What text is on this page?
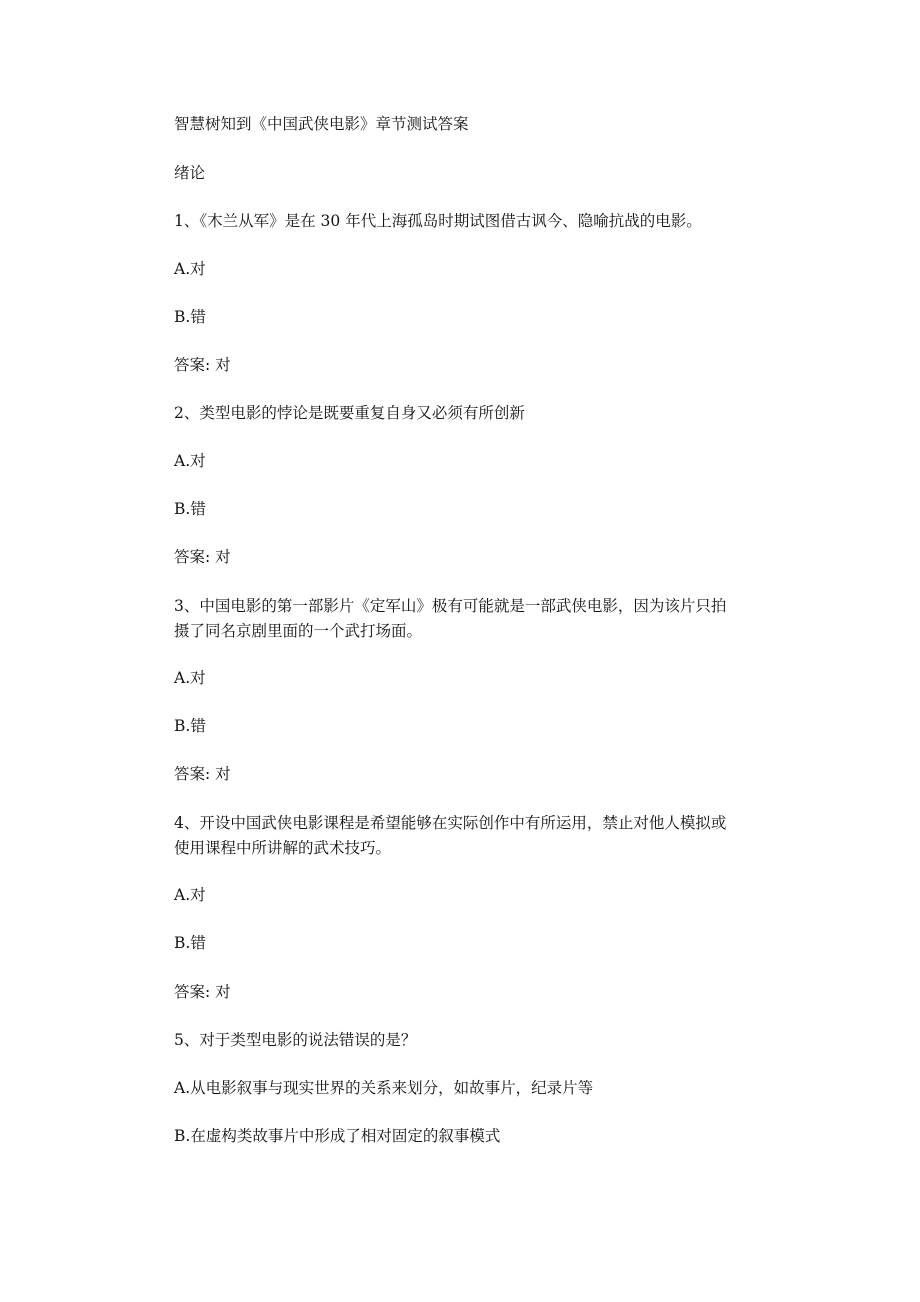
智慧树知到《中国武侠电影》章节测试答案
绪论
1、《木兰从军》是在 30 年代上海孤岛时期试图借古讽今、隐喻抗战的电影。
A.对
B.错
答案: 对
2、类型电影的悖论是既要重复自身又必须有所创新
A.对
B.错
答案: 对
3、中国电影的第一部影片《定军山》极有可能就是一部武侠电影，因为该片只拍
摄了同名京剧里面的一个武打场面。
A.对
B.错
答案: 对
4、开设中国武侠电影课程是希望能够在实际创作中有所运用，禁止对他人模拟或
使用课程中所讲解的武术技巧。
A.对
B.错
答案: 对
5、对于类型电影的说法错误的是？
A.从电影叙事与现实世界的关系来划分，如故事片，纪录片等
B.在虚构类故事片中形成了相对固定的叙事模式
